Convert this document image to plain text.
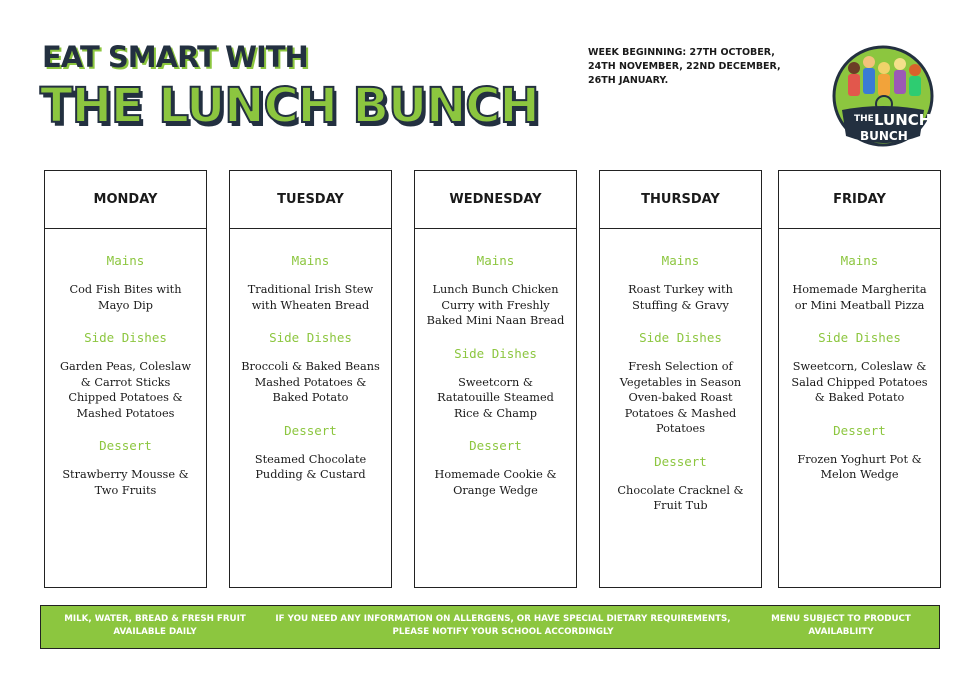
EAT SMART WITH
THE LUNCH BUNCH
WEEK BEGINNING: 27TH OCTOBER,
24TH NOVEMBER, 22ND DECEMBER,
26TH JANUARY.
THE LUNCH
BUNCH
MONDAY
Mains
Cod Fish Bites with Mayo Dip
Side Dishes
Garden Peas, Coleslaw & Carrot Sticks Chipped Potatoes & Mashed Potatoes
Dessert
Strawberry Mousse & Two Fruits
TUESDAY
Mains
Traditional Irish Stew with Wheaten Bread
Side Dishes
Broccoli & Baked Beans Mashed Potatoes & Baked Potato
Dessert
Steamed Chocolate Pudding & Custard
WEDNESDAY
Mains
Lunch Bunch Chicken Curry with Freshly Baked Mini Naan Bread
Side Dishes
Sweetcorn & Ratatouille Steamed Rice & Champ
Dessert
Homemade Cookie & Orange Wedge
THURSDAY
Mains
Roast Turkey with Stuffing & Gravy
Side Dishes
Fresh Selection of Vegetables in Season Oven-baked Roast Potatoes & Mashed Potatoes
Dessert
Chocolate Cracknel & Fruit Tub
FRIDAY
Mains
Homemade Margherita or Mini Meatball Pizza
Side Dishes
Sweetcorn, Coleslaw & Salad Chipped Potatoes & Baked Potato
Dessert
Frozen Yoghurt Pot & Melon Wedge
MILK, WATER, BREAD & FRESH FRUIT AVAILABLE DAILY
IF YOU NEED ANY INFORMATION ON ALLERGENS, OR HAVE SPECIAL DIETARY REQUIREMENTS, PLEASE NOTIFY YOUR SCHOOL ACCORDINGLY
MENU SUBJECT TO PRODUCT AVAILABLIITY
